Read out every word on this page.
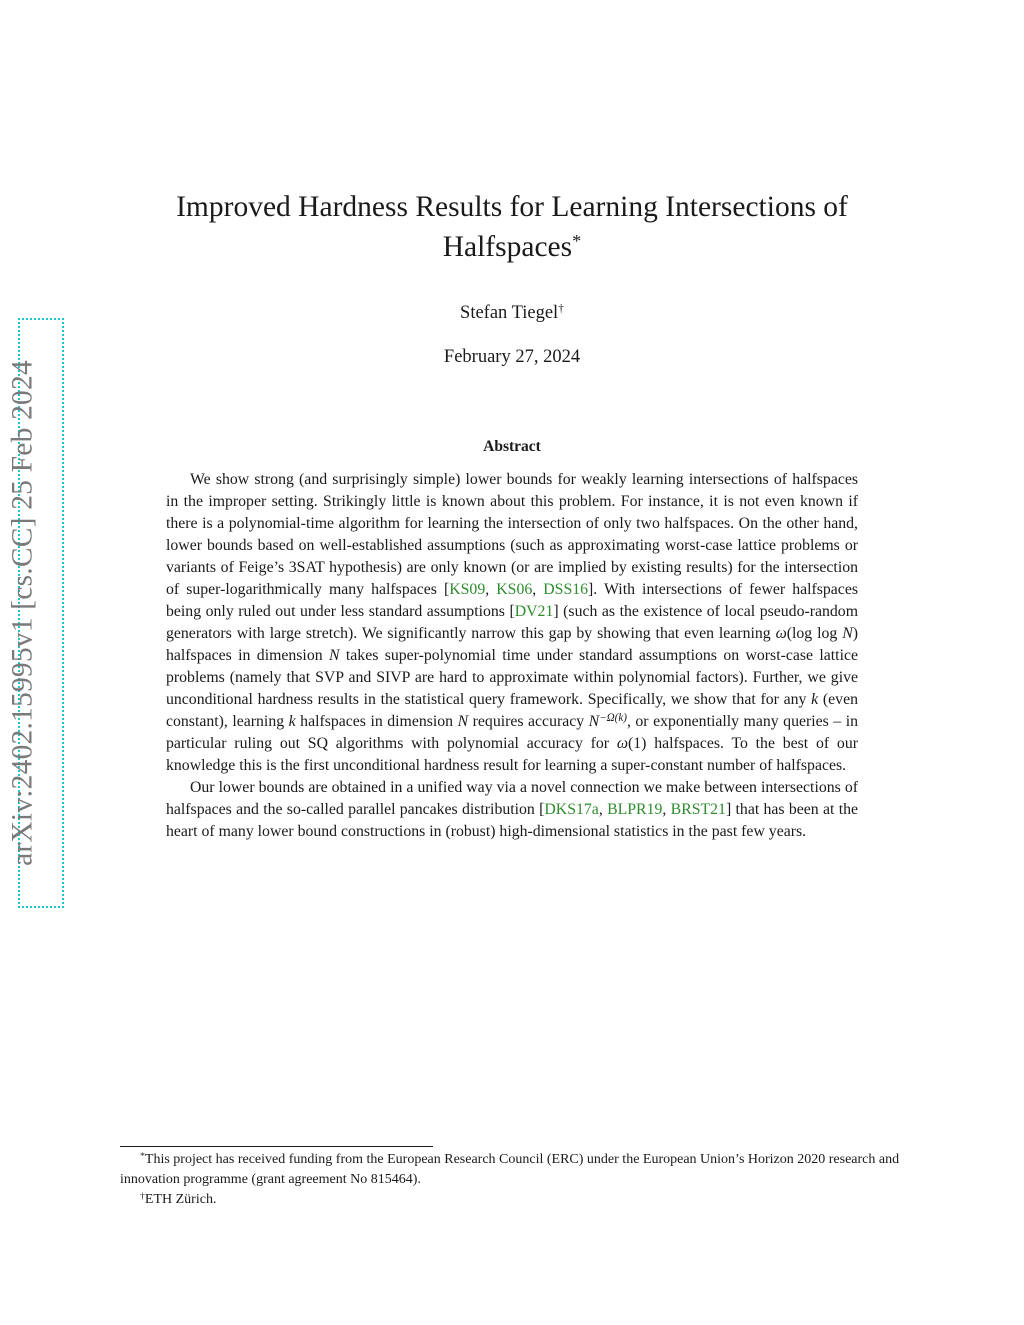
arXiv:2402.15995v1 [cs.CC] 25 Feb 2024
Improved Hardness Results for Learning Intersections of Halfspaces*
Stefan Tiegel†
February 27, 2024
Abstract

We show strong (and surprisingly simple) lower bounds for weakly learning intersections of halfspaces in the improper setting. Strikingly little is known about this problem. For instance, it is not even known if there is a polynomial-time algorithm for learning the intersection of only two halfspaces. On the other hand, lower bounds based on well-established assumptions (such as approximating worst-case lattice problems or variants of Feige’s 3SAT hypothesis) are only known (or are implied by existing results) for the intersection of super-logarithmically many halfspaces [KS09, KS06, DSS16]. With intersections of fewer halfspaces being only ruled out under less standard assumptions [DV21] (such as the existence of local pseudo-random generators with large stretch). We significantly narrow this gap by showing that even learning ω(log log N) halfspaces in dimension N takes super-polynomial time under standard assumptions on worst-case lattice problems (namely that SVP and SIVP are hard to approximate within polynomial factors). Further, we give unconditional hardness results in the statistical query framework. Specifically, we show that for any k (even constant), learning k halfspaces in dimension N requires accuracy $N^{-\Omega(k)}$, or exponentially many queries – in particular ruling out SQ algorithms with polynomial accuracy for ω(1) halfspaces. To the best of our knowledge this is the first unconditional hardness result for learning a super-constant number of halfspaces.

Our lower bounds are obtained in a unified way via a novel connection we make between intersections of halfspaces and the so-called parallel pancakes distribution [DKS17a, BLPR19, BRST21] that has been at the heart of many lower bound constructions in (robust) high-dimensional statistics in the past few years.

*This project has received funding from the European Research Council (ERC) under the European Union’s Horizon 2020 research and innovation programme (grant agreement No 815464).

†ETH Zürich.
